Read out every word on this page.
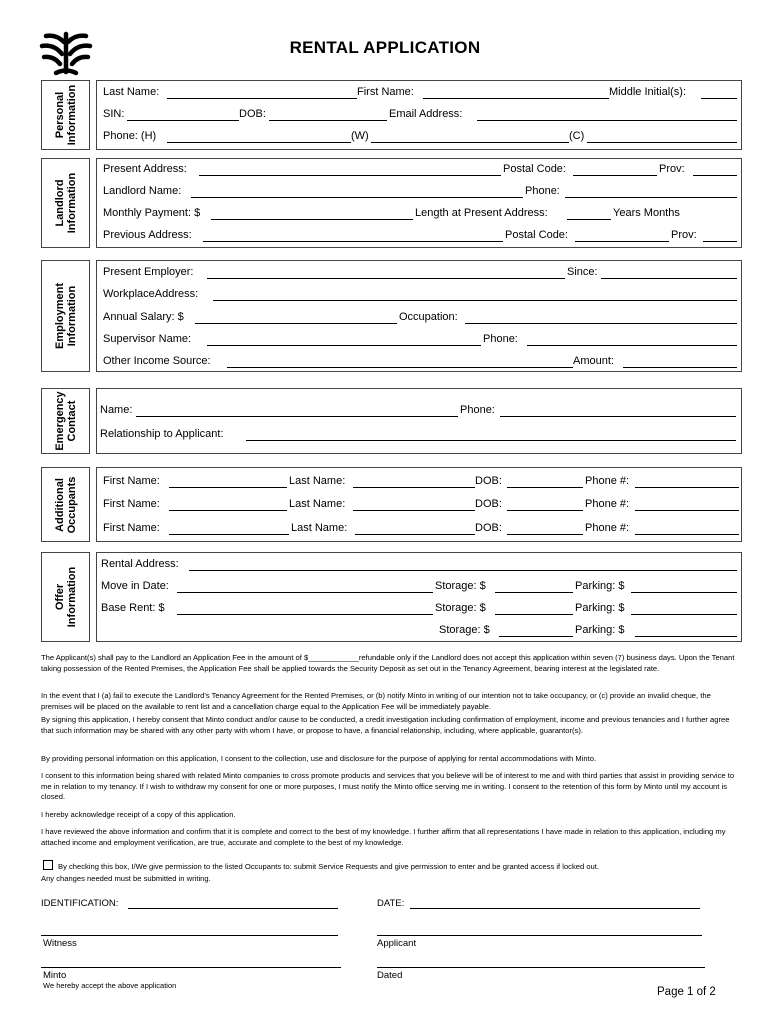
RENTAL APPLICATION
Personal
Information
Landlord
Information
Employment
Information
Emergency
Contact
Additional
Occupants
Offer
Information
Last Name:	First Name:	Middle Initial(s):
SIN:	DOB:	Email Address:
Phone: (H)	(W)	(C)
Present Address:	Postal Code:	Prov:
Landlord Name:	Phone:
Monthly Payment: $	Length at Present Address:	Years Months
Previous Address:	Postal Code:	Prov:
Present Employer:	Since:
WorkplaceAddress:
Annual Salary: $	Occupation:
Supervisor Name:	Phone:
Other Income Source:	Amount:
Name:	Phone:
Relationship to Applicant:
First Name:	Last Name:	DOB:	Phone #:
First Name:	Last Name:	DOB:	Phone #:
First Name:	Last Name:	DOB:	Phone #:
Rental Address:
Move in Date:	Storage: $	Parking: $
Base Rent: $	Storage: $	Parking: $
Storage: $	Parking: $
The Applicant(s) shall pay to the Landlord an Application Fee in the amount of $____________refundable only if the Landlord does not accept this application within seven (7) business days. Upon the Tenant taking possession of the Rented Premises, the Application Fee shall be applied towards the Security Deposit as set out in the Tenancy Agreement, bearing interest at the legislated rate.
In the event that I (a) fail to execute the Landlord's Tenancy Agreement for the Rented Premises, or (b) notify Minto in writing of our intention not to take occupancy, or (c) provide an invalid cheque, the premises will be placed on the available to rent list and a cancellation charge equal to the Application Fee will be immediately payable.
By signing this application, I hereby consent that Minto conduct and/or cause to be conducted, a credit investigation including confirmation of employment, income and previous tenancies and I further agree that such information may be shared with any other party with whom I have, or propose to have, a financial relationship, including, where applicable, guarantor(s).
By providing personal information on this application, I consent to the collection, use and disclosure for the purpose of applying for rental accommodations with Minto.
I consent to this information being shared with related Minto companies to cross promote products and services that you believe will be of interest to me and with third parties that assist in providing service to me in relation to my tenancy. If I wish to withdraw my consent for one or more purposes, I must notify the Minto office serving me in writing. I consent to the retention of this form by Minto until my account is closed.
I hereby acknowledge receipt of a copy of this application.
I have reviewed the above information and confirm that it is complete and correct to the best of my knowledge. I further affirm that all representations I have made in relation to this application, including my attached income and employment verification, are true, accurate and complete to the best of my knowledge.
By checking this box, I/We give permission to the listed Occupants to: submit Service Requests and give permission to enter and be granted access if locked out.
Any changes needed must be submitted in writing.
IDENTIFICATION:	DATE:
Witness	Applicant
Minto	Dated
We hereby accept the above application
Page 1 of 2
